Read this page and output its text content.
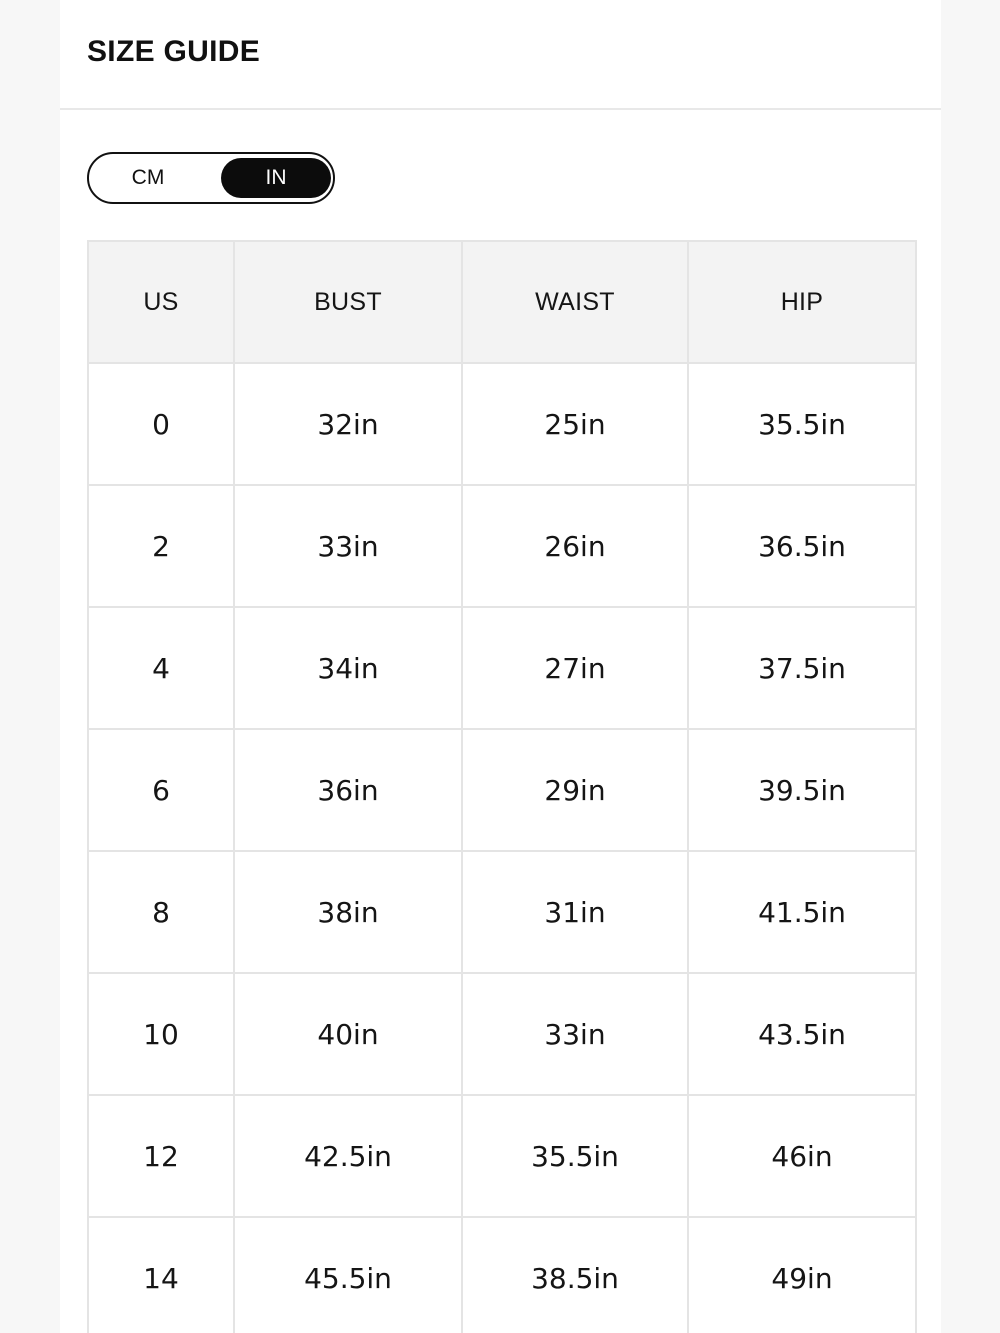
SIZE GUIDE
CM	IN
US	BUST	WAIST	HIP
0	32in	25in	35.5in
2	33in	26in	36.5in
4	34in	27in	37.5in
6	36in	29in	39.5in
8	38in	31in	41.5in
10	40in	33in	43.5in
12	42.5in	35.5in	46in
14	45.5in	38.5in	49in
